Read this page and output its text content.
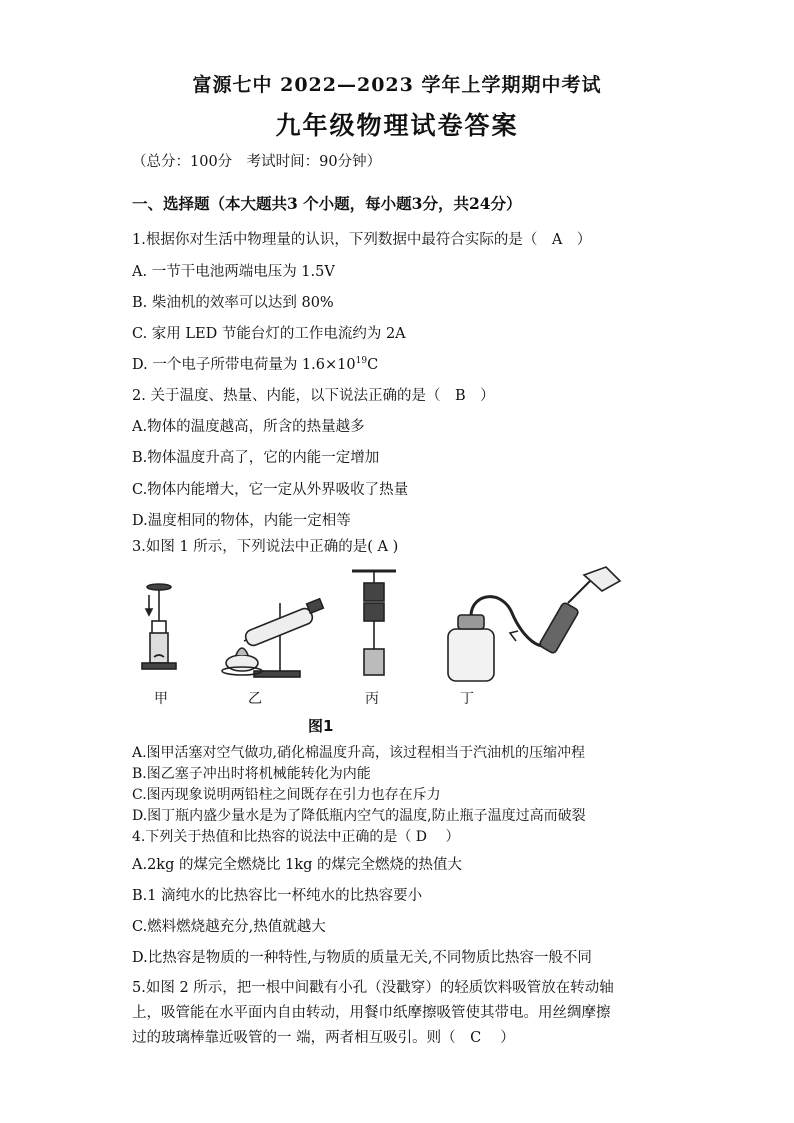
富源七中 2022—2023 学年上学期期中考试
九年级物理试卷答案
（总分：100分　考试时间：90分钟）
一、选择题（本大题共3 个小题，每小题3分，共24分）
1.根据你对生活中物理量的认识，下列数据中最符合实际的是（　A　）
A. 一节干电池两端电压为 1.5V
B. 柴油机的效率可以达到 80%
C. 家用 LED 节能台灯的工作电流约为 2A
D. 一个电子所带电荷量为 $1.6\times 10^{19}C$
2. 关于温度、热量、内能，以下说法正确的是（　B　）
A.物体的温度越高，所含的热量越多
B.物体温度升高了，它的内能一定增加
C.物体内能增大，它一定从外界吸收了热量
D.温度相同的物体，内能一定相等
3.如图 1 所示，下列说法中正确的是( A )
甲	乙	丙	丁
图1
A.图甲活塞对空气做功,硝化棉温度升高，该过程相当于汽油机的压缩冲程
B.图乙塞子冲出时将机械能转化为内能
C.图丙现象说明两铅柱之间既存在引力也存在斥力
D.图丁瓶内盛少量水是为了降低瓶内空气的温度,防止瓶子温度过高而破裂
4.下列关于热值和比热容的说法中正确的是（ D　 ）
A.2kg 的煤完全燃烧比 1kg 的煤完全燃烧的热值大
B.1 滴纯水的比热容比一杯纯水的比热容要小
C.燃料燃烧越充分,热值就越大
D.比热容是物质的一种特性,与物质的质量无关,不同物质比热容一般不同
5.如图 2 所示，把一根中间戳有小孔（没戳穿）的轻质饮料吸管放在转动轴
上，吸管能在水平面内自由转动，用餐巾纸摩擦吸管使其带电。用丝绸摩擦
过的玻璃棒靠近吸管的一 端，两者相互吸引。则（　C　 ）
